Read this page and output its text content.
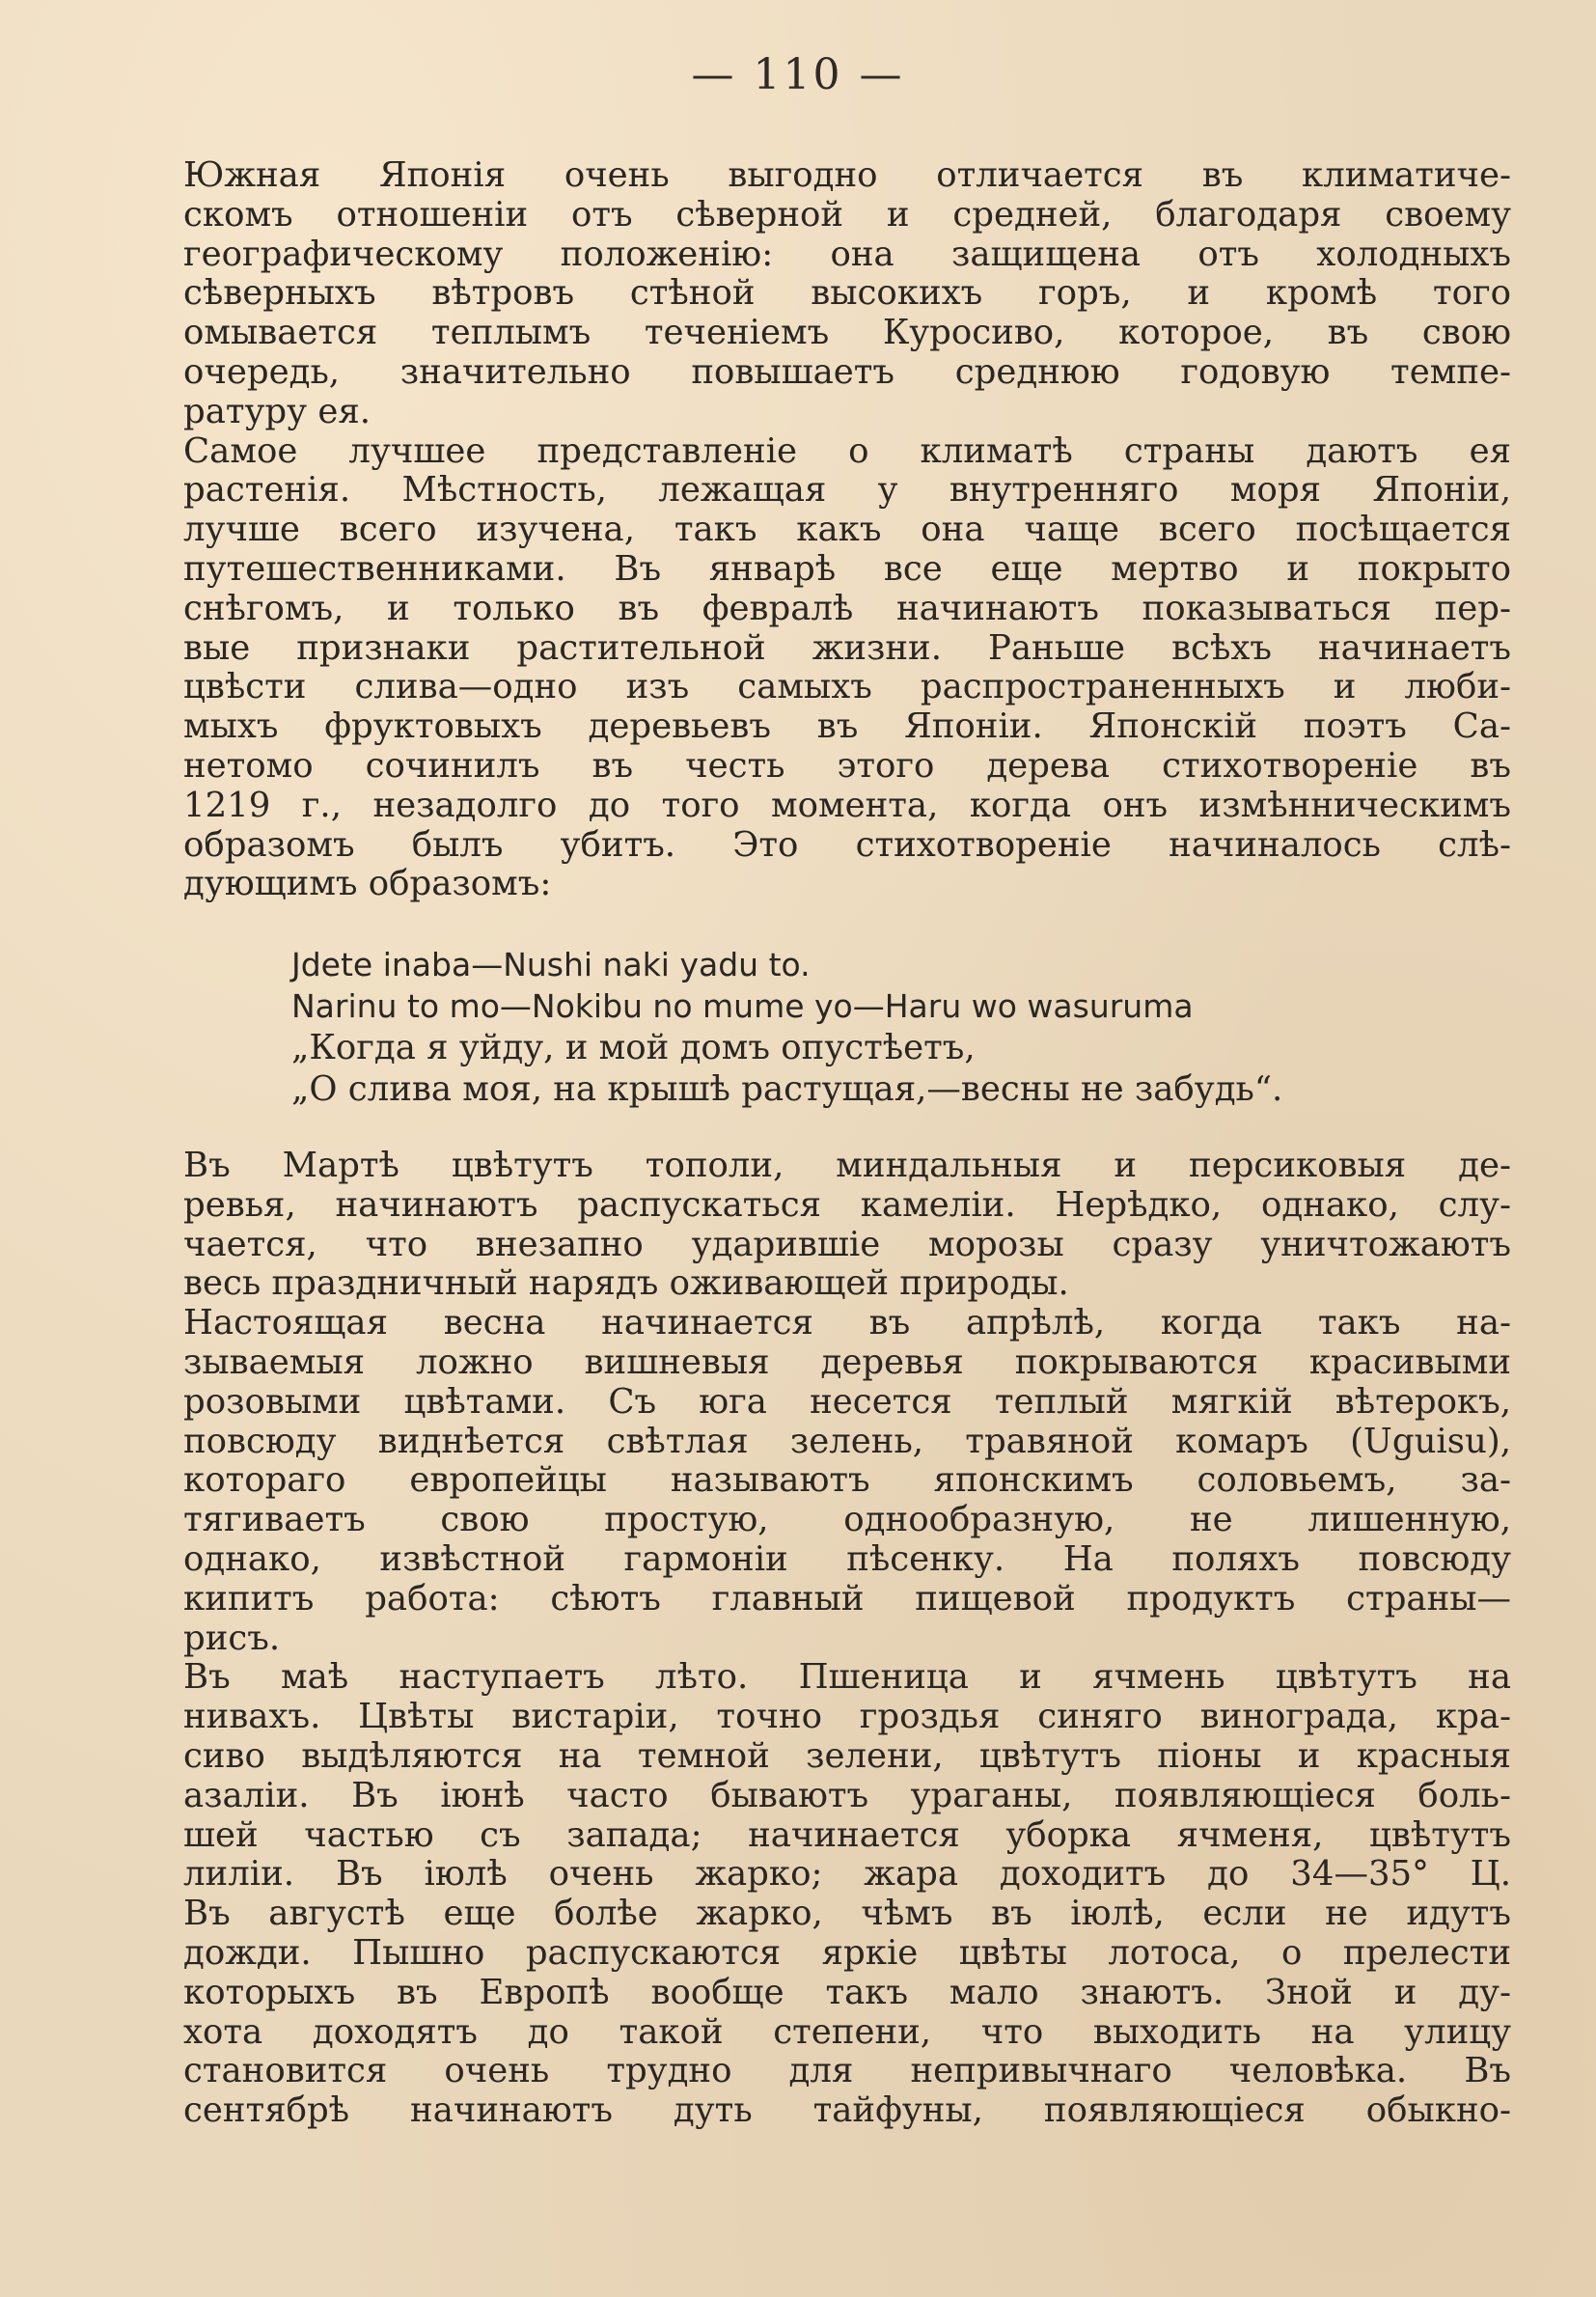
— 110 —
Южная Японія очень выгодно отличается въ климатиче-
скомъ отношеніи отъ сѣверной и средней, благодаря своему
географическому положенію: она защищена отъ холодныхъ
сѣверныхъ вѣтровъ стѣной высокихъ горъ, и кромѣ того
омывается теплымъ теченіемъ Куросиво, которое, въ свою
очередь, значительно повышаетъ среднюю годовую темпе-
ратуру ея.
Самое лучшее представленіе о климатѣ страны даютъ ея
растенія. Мѣстность, лежащая у внутренняго моря Японіи,
лучше всего изучена, такъ какъ она чаще всего посѣщается
путешественниками. Въ январѣ все еще мертво и покрыто
снѣгомъ, и только въ февралѣ начинаютъ показываться пер-
вые признаки растительной жизни. Раньше всѣхъ начинаетъ
цвѣсти слива—одно изъ самыхъ распространенныхъ и люби-
мыхъ фруктовыхъ деревьевъ въ Японіи. Японскій поэтъ Са-
нетомо сочинилъ въ честь этого дерева стихотвореніе въ
1219 г., незадолго до того момента, когда онъ измѣнническимъ
образомъ былъ убитъ. Это стихотвореніе начиналось слѣ-
дующимъ образомъ:
Jdete inaba—Nushi naki yadu to.
Narinu to mo—Nokibu no mume yo—Haru wo wasuruma
„Когда я уйду, и мой домъ опустѣетъ,
„О слива моя, на крышѣ растущая,—весны не забудь“.
Въ Мартѣ цвѣтутъ тополи, миндальныя и персиковыя де-
ревья, начинаютъ распускаться камеліи. Нерѣдко, однако, слу-
чается, что внезапно ударившіе морозы сразу уничтожаютъ
весь праздничный нарядъ оживающей природы.
Настоящая весна начинается въ апрѣлѣ, когда такъ на-
зываемыя ложно вишневыя деревья покрываются красивыми
розовыми цвѣтами. Съ юга несется теплый мягкій вѣтерокъ,
повсюду виднѣется свѣтлая зелень, травяной комаръ (Uguisu),
котораго европейцы называютъ японскимъ соловьемъ, за-
тягиваетъ свою простую, однообразную, не лишенную,
однако, извѣстной гармоніи пѣсенку. На поляхъ повсюду
кипитъ работа: сѣютъ главный пищевой продуктъ страны—
рисъ.
Въ маѣ наступаетъ лѣто. Пшеница и ячмень цвѣтутъ на
нивахъ. Цвѣты вистаріи, точно гроздья синяго винограда, кра-
сиво выдѣляются на темной зелени, цвѣтутъ піоны и красныя
азаліи. Въ іюнѣ часто бываютъ ураганы, появляющіеся боль-
шей частью съ запада; начинается уборка ячменя, цвѣтутъ
лиліи. Въ іюлѣ очень жарко; жара доходитъ до 34—35° Ц.
Въ августѣ еще болѣе жарко, чѣмъ въ іюлѣ, если не идутъ
дожди. Пышно распускаются яркіе цвѣты лотоса, о прелести
которыхъ въ Европѣ вообще такъ мало знаютъ. Зной и ду-
хота доходятъ до такой степени, что выходить на улицу
становится очень трудно для непривычнаго человѣка. Въ
сентябрѣ начинаютъ дуть тайфуны, появляющіеся обыкно-
